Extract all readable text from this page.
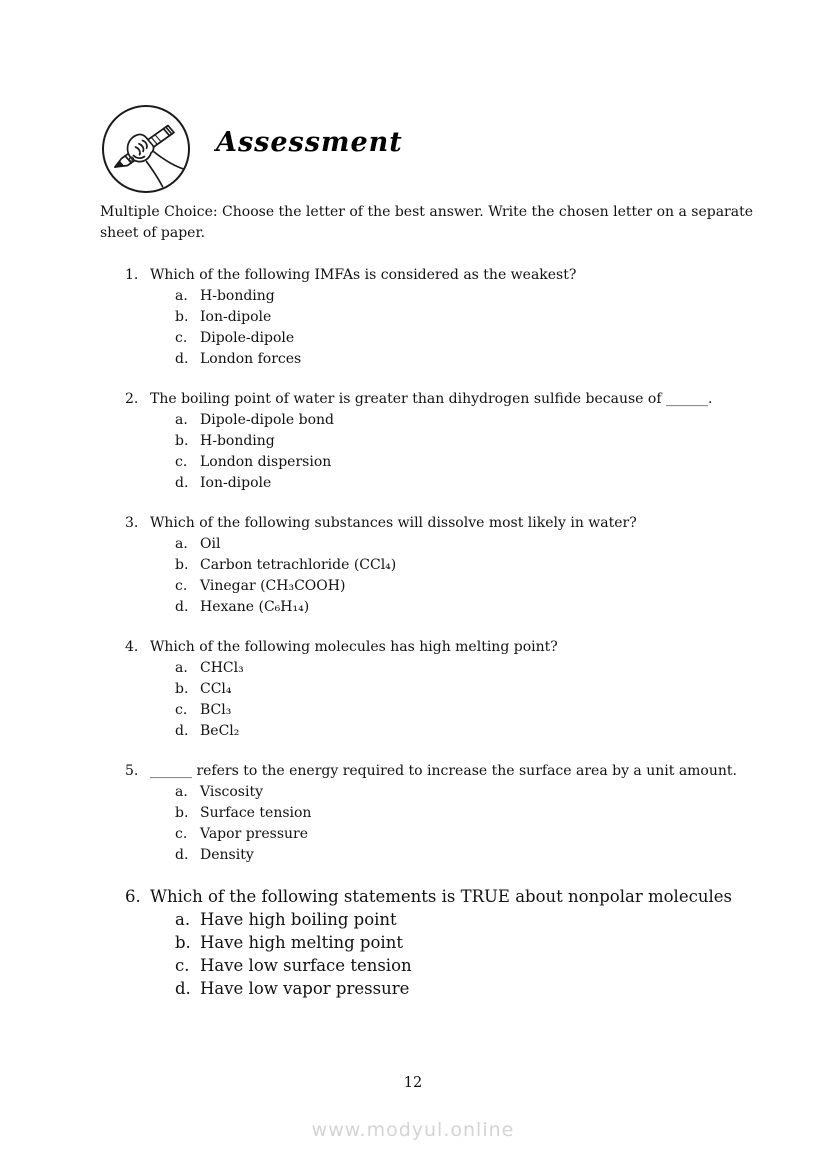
Assessment

Multiple Choice: Choose the letter of the best answer. Write the chosen letter on a separate sheet of paper.

1. Which of the following IMFAs is considered as the weakest?
a. H-bonding
b. Ion-dipole
c. Dipole-dipole
d. London forces
2. The boiling point of water is greater than dihydrogen sulfide because of ______.
a. Dipole-dipole bond
b. H-bonding
c. London dispersion
d. Ion-dipole
3. Which of the following substances will dissolve most likely in water?
a. Oil
b. Carbon tetrachloride (CCl₄)
c. Vinegar (CH₃COOH)
d. Hexane (C₆H₁₄)
4. Which of the following molecules has high melting point?
a. CHCl₃
b. CCl₄
c. BCl₃
d. BeCl₂
5. ______ refers to the energy required to increase the surface area by a unit amount.
a. Viscosity
b. Surface tension
c. Vapor pressure
d. Density
6. Which of the following statements is TRUE about nonpolar molecules
a. Have high boiling point
b. Have high melting point
c. Have low surface tension
d. Have low vapor pressure
12
www.modyul.online
